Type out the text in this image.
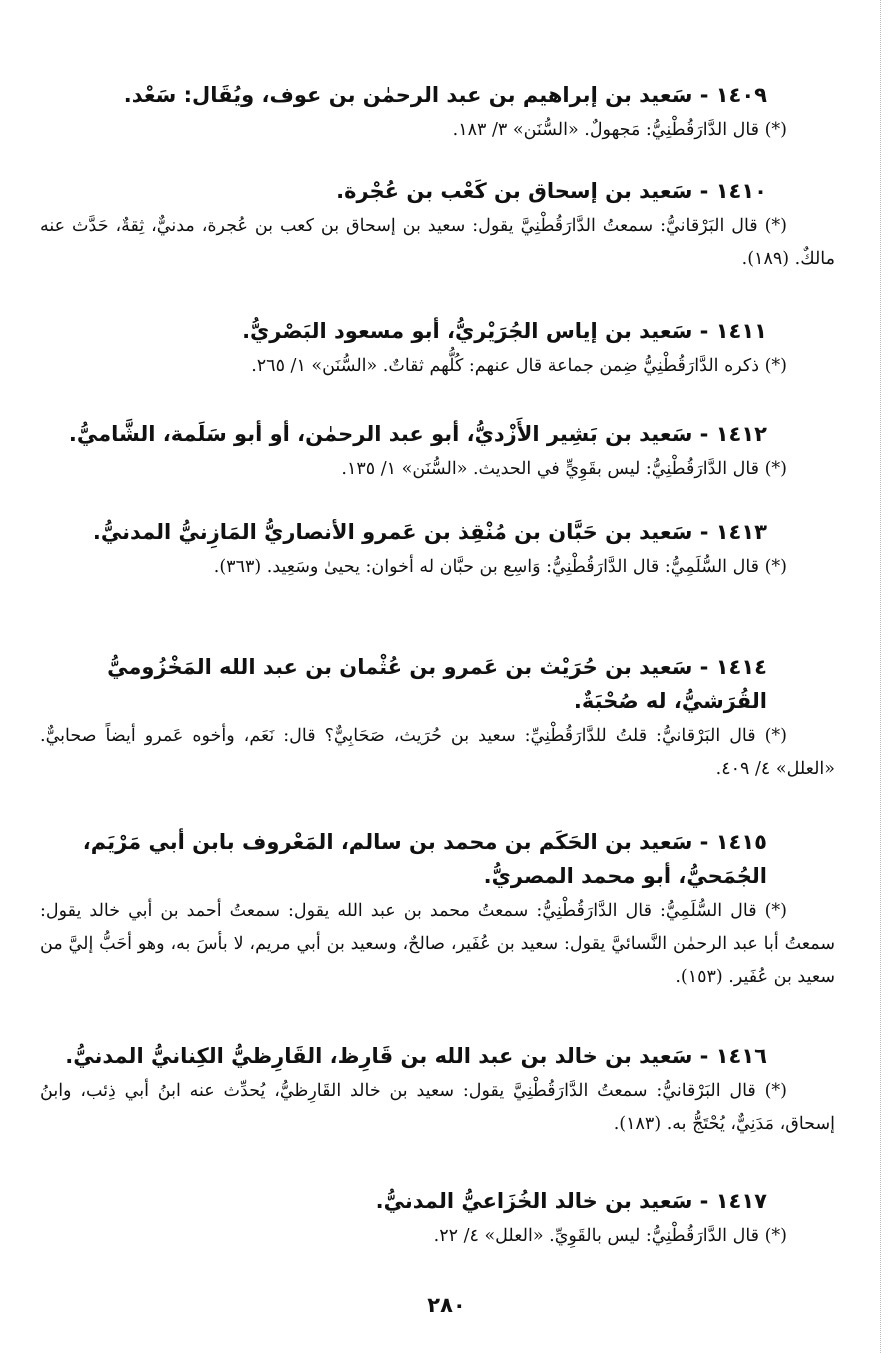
١٤٠٩ - سَعيد بن إبراهيم بن عبد الرحمٰن بن عوف، ويُقَال: سَعْد.

(*) قال الدَّارَقُطْنِيُّ: مَجهولٌ. «السُّنَن» ٣/ ١٨٣.

١٤١٠ - سَعيد بن إسحاق بن كَعْب بن عُجْرة.

(*) قال البَرْقانيُّ: سمعتُ الدَّارَقُطْنِيَّ يقول: سعيد بن إسحاق بن كعب بن عُجرة، مدنيٌّ، ثِقةٌ، حَدَّث عنه مالكٌ. (١٨٩).

١٤١١ - سَعيد بن إياس الجُرَيْريُّ، أبو مسعود البَصْريُّ.

(*) ذكره الدَّارَقُطْنِيُّ ضِمن جماعة قال عنهم: كُلُّهم ثقاتٌ. «السُّنَن» ١/ ٢٦٥.

١٤١٢ - سَعيد بن بَشِير الأَزْديُّ، أبو عبد الرحمٰن، أو أبو سَلَمة، الشَّاميُّ.

(*) قال الدَّارَقُطْنِيُّ: ليس بقَوِيٍّ في الحديث. «السُّنَن» ١/ ١٣٥.

١٤١٣ - سَعيد بن حَبَّان بن مُنْقِذ بن عَمرو الأنصاريُّ المَازِنيُّ المدنيُّ.

(*) قال السُّلَمِيُّ: قال الدَّارَقُطْنِيُّ: وَاسِع بن حبَّان له أخوان: يحيىٰ وسَعِيد. (٣٦٣).

١٤١٤ - سَعيد بن حُرَيْث بن عَمرو بن عُثْمان بن عبد الله المَخْزُوميُّ القُرَشيُّ، له صُحْبَةٌ.

(*) قال البَرْقانيُّ: قلتُ للدَّارَقُطْنِيِّ: سعيد بن حُرَيث، صَحَابِيٌّ؟ قال: نَعَم، وأخوه عَمرو أيضاً صحابيٌّ. «العلل» ٤/ ٤٠٩.

١٤١٥ - سَعيد بن الحَكَم بن محمد بن سالم، المَعْروف بابن أبي مَرْيَم، الجُمَحيُّ، أبو محمد المصريُّ.

(*) قال السُّلَمِيُّ: قال الدَّارَقُطْنِيُّ: سمعتُ محمد بن عبد الله يقول: سمعتُ أحمد بن أبي خالد يقول: سمعتُ أبا عبد الرحمٰن النَّسائيَّ يقول: سعيد بن عُفَير، صالحٌ، وسعيد بن أبي مريم، لا بأسَ به، وهو أحَبُّ إليَّ من سعيد بن عُفَير. (١٥٣).

١٤١٦ - سَعيد بن خالد بن عبد الله بن قَارِظ، القَارِظيُّ الكِنانيُّ المدنيُّ.

(*) قال البَرْقانيُّ: سمعتُ الدَّارَقُطْنِيَّ يقول: سعيد بن خالد القَارِظيُّ، يُحدِّث عنه ابنُ أبي ذِئب، وابنُ إسحاق، مَدَنِيٌّ، يُحْتَجُّ به. (١٨٣).

١٤١٧ - سَعيد بن خالد الخُزَاعيُّ المدنيُّ.

(*) قال الدَّارَقُطْنِيُّ: ليس بالقَوِيِّ. «العلل» ٤/ ٢٢.

٢٨٠
